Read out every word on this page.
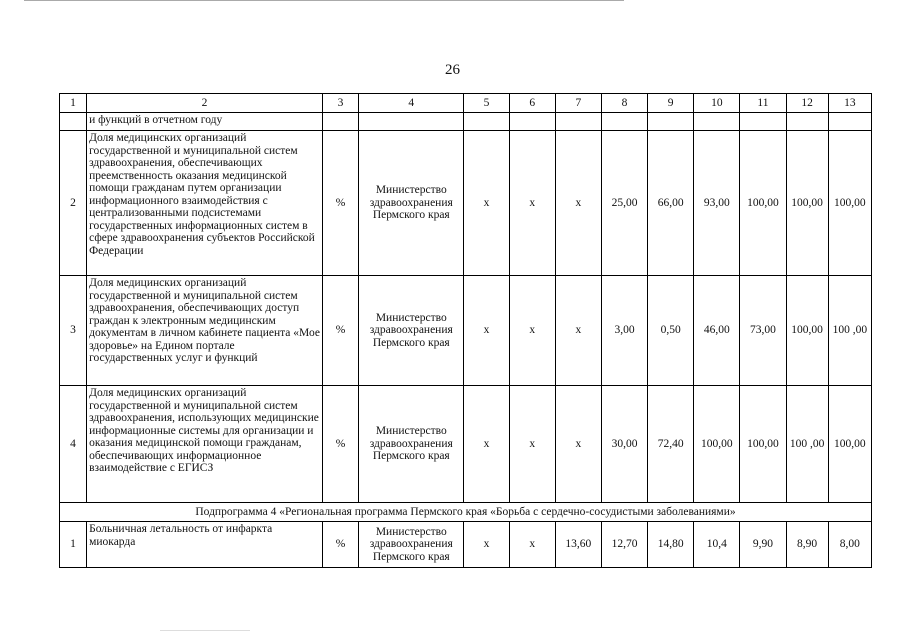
26
1	2	3	4	5	6	7	8	9	10	11	12	13
	и функций в отчетном году											
2	Доля медицинских организаций государственной и муниципальной систем здравоохранения, обеспечивающих преемственность оказания медицинской помощи гражданам путем организации информационного взаимодействия с централизованными подсистемами государственных информационных систем в сфере здравоохранения субъектов Российской Федерации	%	Министерство здравоохранения Пермского края	x	x	x	25,00	66,00	93,00	100,00	100,00	100,00
3	Доля медицинских организаций государственной и муниципальной систем здравоохранения, обеспечивающих доступ граждан к электронным медицинским документам в личном кабинете пациента «Мое здоровье» на Едином портале государственных услуг и функций	%	Министерство здравоохранения Пермского края	x	x	x	3,00	0,50	46,00	73,00	100,00	100 ,00
4	Доля медицинских организаций государственной и муниципальной систем здравоохранения, использующих медицинские информационные системы для организации и оказания медицинской помощи гражданам, обеспечивающих информационное взаимодействие с ЕГИСЗ	%	Министерство здравоохранения Пермского края	x	x	x	30,00	72,40	100,00	100,00	100 ,00	100,00
Подпрограмма 4 «Региональная программа Пермского края «Борьба с сердечно-сосудистыми заболеваниями»												
1	Больничная летальность от инфаркта миокарда	%	Министерство здравоохранения Пермского края	x	x	13,60	12,70	14,80	10,4	9,90	8,90	8,00
